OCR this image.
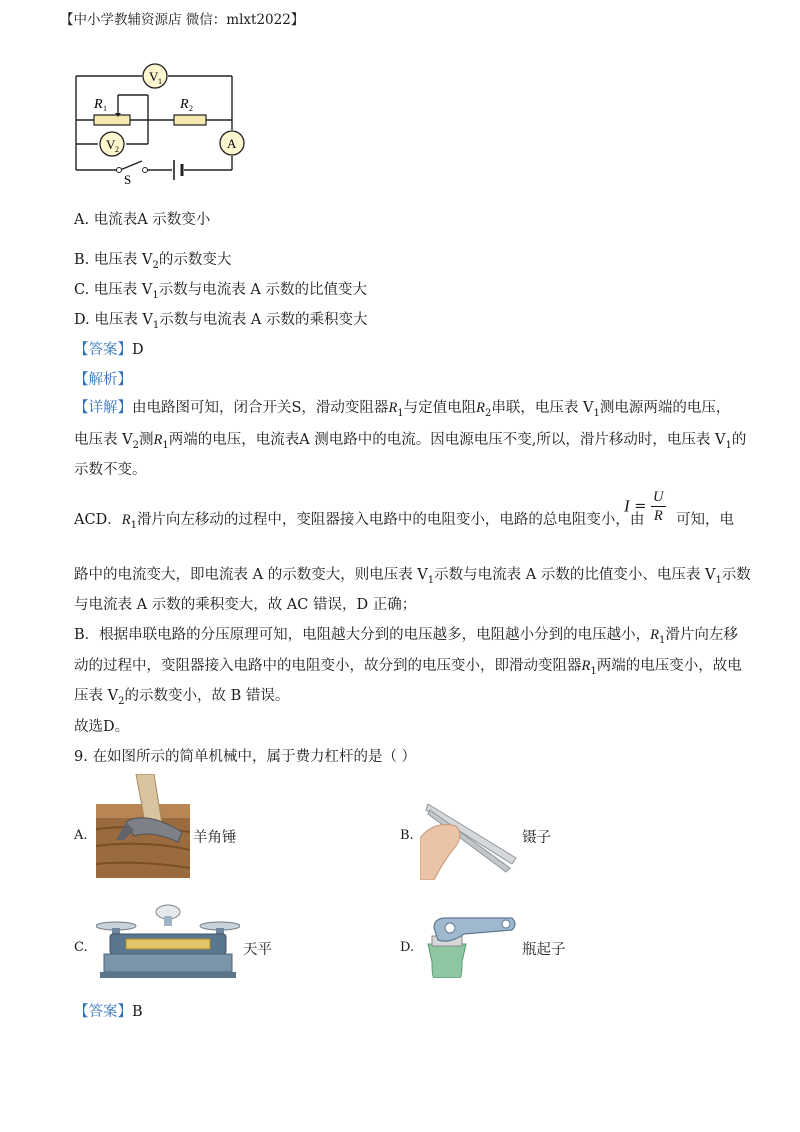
【中小学教辅资源店 微信：mlxt2022】
V 1
R 1	R 2
V 2	A
S
A. 电流表A 示数变小
B. 电压表 $V_2$的示数变大
C. 电压表 $V_1$示数与电流表 A 示数的比值变大
D. 电压表 $V_1$示数与电流表 A 示数的乘积变大
【答案】D
【解析】
【详解】由电路图可知，闭合开关S，滑动变阻器$R_1$与定值电阻$R_2$串联，电压表 $V_1$测电源两端的电压，
电压表 $V_2$测$R_1$两端的电压，电流表A 测电路中的电流。因电源电压不变,所以，滑片移动时，电压表 $V_1$的
示数不变。
ACD．$R_1$滑片向左移动的过程中，变阻器接入电路中的电阻变小，电路的总电阻变小，由
$I = \frac{U}{R}$ 可知，电
路中的电流变大，即电流表 A 的示数变大，则电压表 $V_1$示数与电流表 A 示数的比值变小、电压表 $V_1$示数
与电流表 A 示数的乘积变大，故 AC 错误，D 正确；
B．根据串联电路的分压原理可知，电阻越大分到的电压越多，电阻越小分到的电压越小，$R_1$滑片向左移
动的过程中，变阻器接入电路中的电阻变小，故分到的电压变小，即滑动变阻器$R_1$两端的电压变小，故电
压表 $V_2$的示数变小，故 B 错误。
故选D。
9. 在如图所示的简单机械中，属于费力杠杆的是（ ）
A.	羊角锤	B.	镊子
C.	天平	D.	瓶起子
【答案】B
